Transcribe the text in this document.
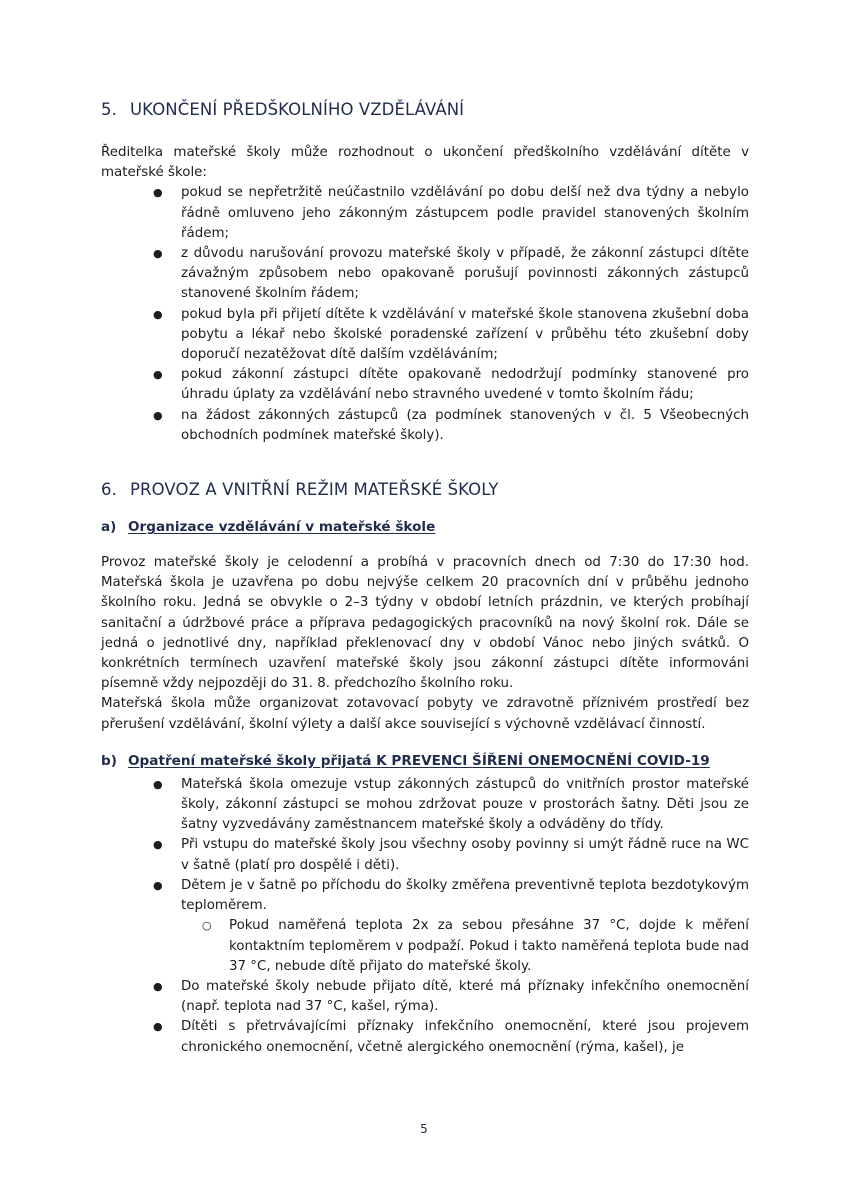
5. UKONČENÍ PŘEDŠKOLNÍHO VZDĚLÁVÁNÍ

Ředitelka mateřské školy může rozhodnout o ukončení předškolního vzdělávání dítěte v mateřské škole:

● pokud se nepřetržitě neúčastnilo vzdělávání po dobu delší než dva týdny a nebylo řádně omluveno jeho zákonným zástupcem podle pravidel stanovených školním řádem;
● z důvodu narušování provozu mateřské školy v případě, že zákonní zástupci dítěte závažným způsobem nebo opakovaně porušují povinnosti zákonných zástupců stanovené školním řádem;
● pokud byla při přijetí dítěte k vzdělávání v mateřské škole stanovena zkušební doba pobytu a lékař nebo školské poradenské zařízení v průběhu této zkušební doby doporučí nezatěžovat dítě dalším vzděláváním;
● pokud zákonní zástupci dítěte opakovaně nedodržují podmínky stanovené pro úhradu úplaty za vzdělávání nebo stravného uvedené v tomto školním řádu;
● na žádost zákonných zástupců (za podmínek stanovených v čl. 5 Všeobecných obchodních podmínek mateřské školy).
6. PROVOZ A VNITŘNÍ REŽIM MATEŘSKÉ ŠKOLY
a) Organizace vzdělávání v mateřské škole

Provoz mateřské školy je celodenní a probíhá v pracovních dnech od 7:30 do 17:30 hod. Mateřská škola je uzavřena po dobu nejvýše celkem 20 pracovních dní v průběhu jednoho školního roku. Jedná se obvykle o 2–3 týdny v období letních prázdnin, ve kterých probíhají sanitační a údržbové práce a příprava pedagogických pracovníků na nový školní rok. Dále se jedná o jednotlivé dny, například překlenovací dny v období Vánoc nebo jiných svátků. O konkrétních termínech uzavření mateřské školy jsou zákonní zástupci dítěte informováni písemně vždy nejpozději do 31. 8. předchozího školního roku.

Mateřská škola může organizovat zotavovací pobyty ve zdravotně příznivém prostředí bez přerušení vzdělávání, školní výlety a další akce související s výchovně vzdělávací činností.

b) Opatření mateřské školy přijatá K PREVENCI ŠÍŘENÍ ONEMOCNĚNÍ COVID-19
● Mateřská škola omezuje vstup zákonných zástupců do vnitřních prostor mateřské školy, zákonní zástupci se mohou zdržovat pouze v prostorách šatny. Děti jsou ze šatny vyzvedávány zaměstnancem mateřské školy a odváděny do třídy.
● Při vstupu do mateřské školy jsou všechny osoby povinny si umýt řádně ruce na WC v šatně (platí pro dospělé i děti).
● Dětem je v šatně po příchodu do školky změřena preventivně teplota bezdotykovým teploměrem.
○ Pokud naměřená teplota 2x za sebou přesáhne 37 °C, dojde k měření kontaktním teploměrem v podpaží. Pokud i takto naměřená teplota bude nad 37 °C, nebude dítě přijato do mateřské školy.
● Do mateřské školy nebude přijato dítě, které má příznaky infekčního onemocnění (např. teplota nad 37 °C, kašel, rýma).
● Dítěti s přetrvávajícími příznaky infekčního onemocnění, které jsou projevem chronického onemocnění, včetně alergického onemocnění (rýma, kašel), je
5
